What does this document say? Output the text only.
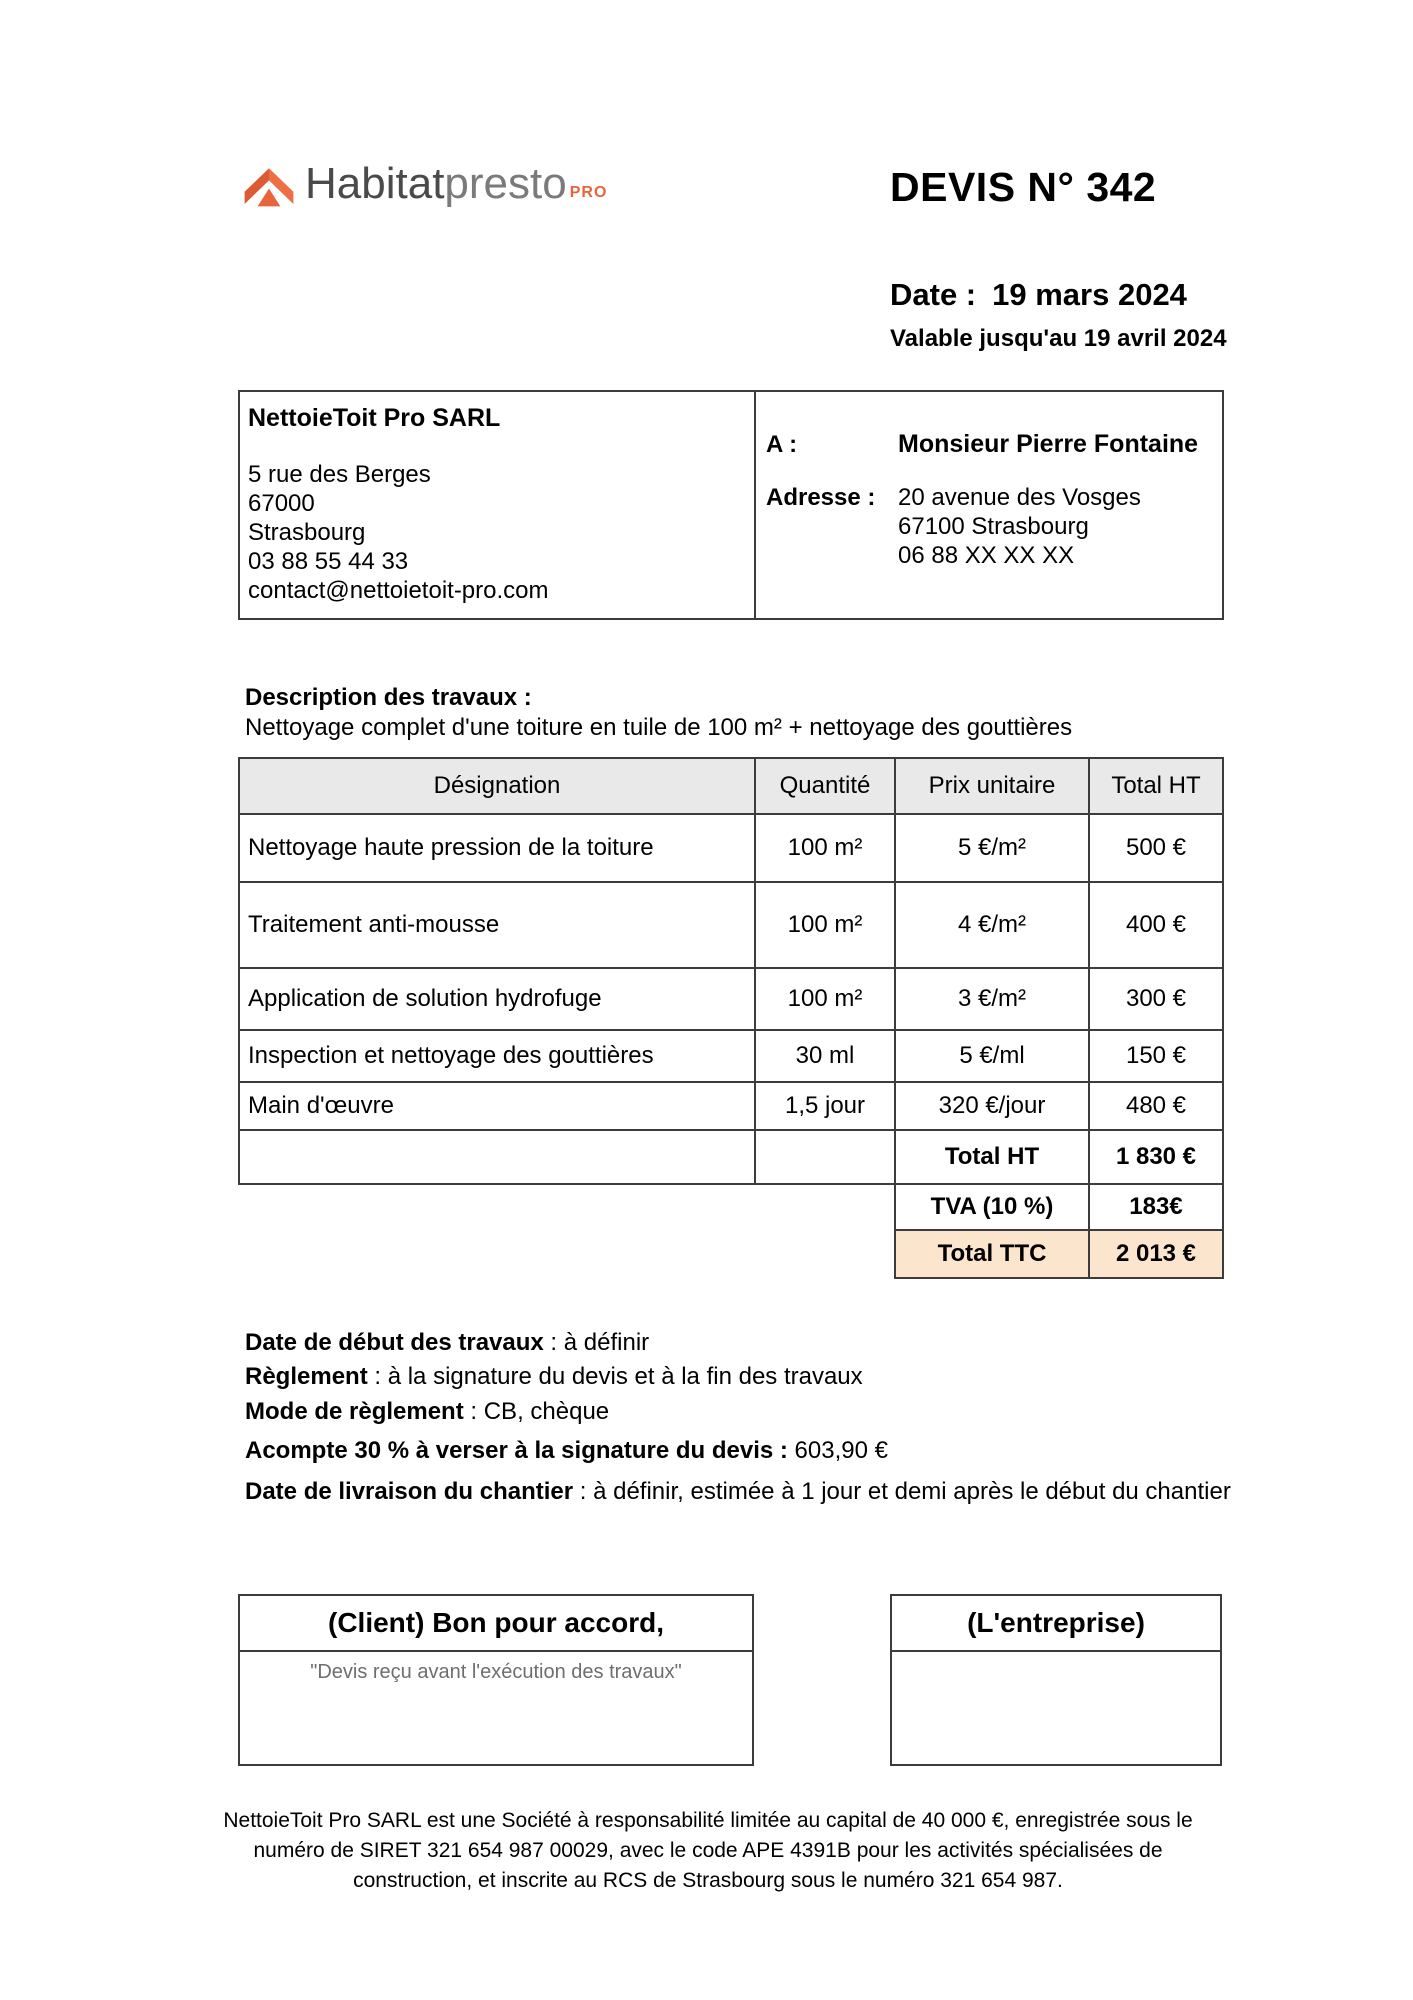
Habitat presto PRO	DEVIS N° 342
Date : 19 mars 2024
Valable jusqu'au 19 avril 2024
NettoieToit Pro SARL
5 rue des Berges
67000
Strasbourg
03 88 55 44 33
contact@nettoietoit-pro.com
A :	Monsieur Pierre Fontaine
Adresse : 20 avenue des Vosges
67100 Strasbourg
06 88 XX XX XX
Description des travaux :
Nettoyage complet d'une toiture en tuile de 100 m² + nettoyage des gouttières
Désignation	Quantité	Prix unitaire	Total HT
Nettoyage haute pression de la toiture	100 m²	5 €/m²	500 €
Traitement anti-mousse	100 m²	4 €/m²	400 €
Application de solution hydrofuge	100 m²	3 €/m²	300 €
Inspection et nettoyage des gouttières	30 ml	5 €/ml	150 €
Main d'œuvre	1,5 jour	320 €/jour	480 €
Total HT	1 830 €
TVA (10 %)	183€
Total TTC	2 013 €
Date de début des travaux : à définir
Règlement : à la signature du devis et à la fin des travaux
Mode de règlement : CB, chèque
Acompte 30 % à verser à la signature du devis : 603,90 €
Date de livraison du chantier : à définir, estimée à 1 jour et demi après le début du chantier
(Client) Bon pour accord,
"Devis reçu avant l'exécution des travaux"
(L'entreprise)
NettoieToit Pro SARL est une Société à responsabilité limitée au capital de 40 000 €, enregistrée sous le numéro de SIRET 321 654 987 00029, avec le code APE 4391B pour les activités spécialisées de construction, et inscrite au RCS de Strasbourg sous le numéro 321 654 987.
